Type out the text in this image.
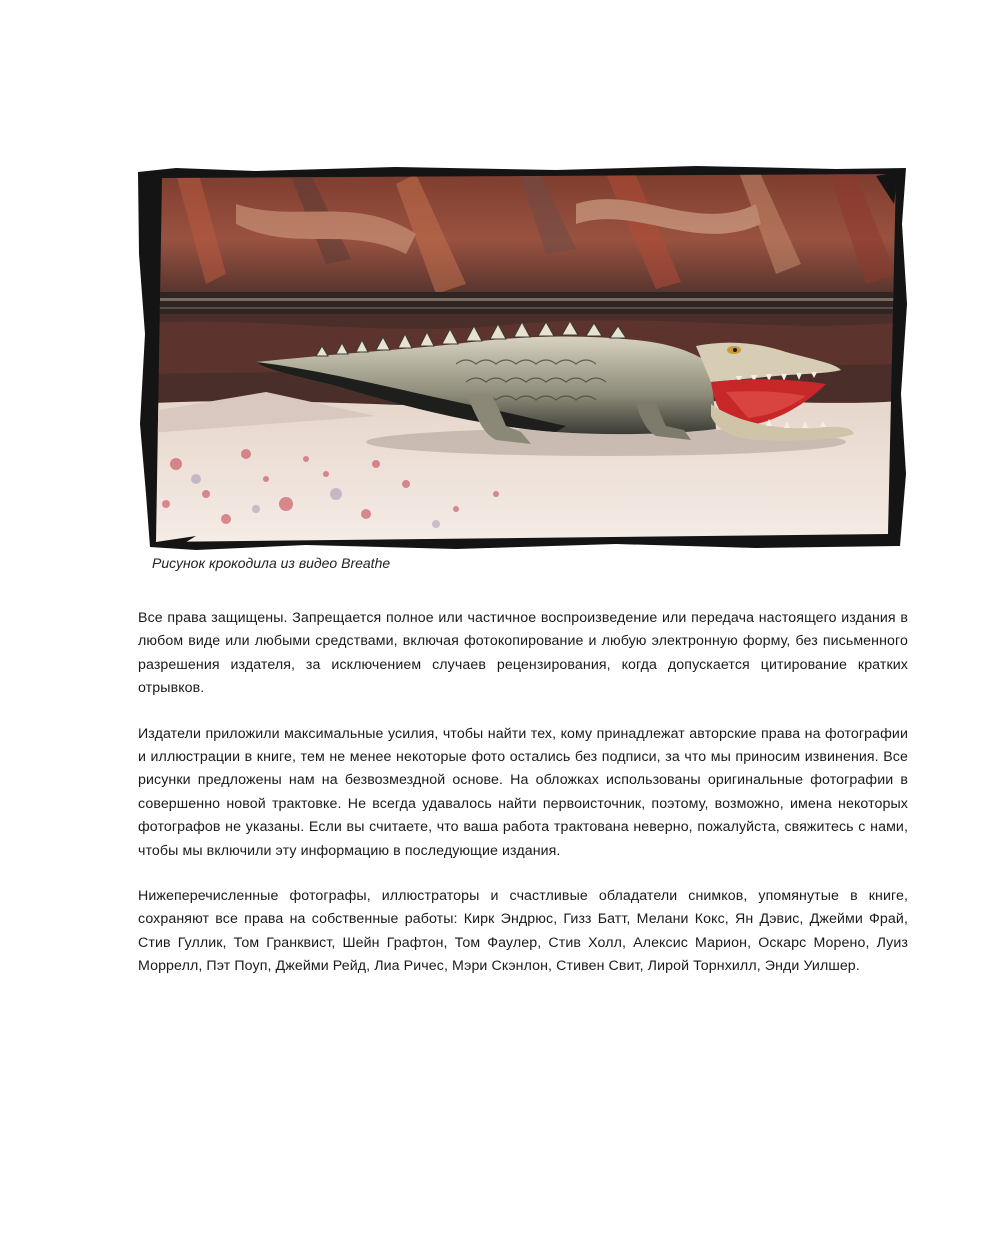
Рисунок крокодила из видео Breathe

Все права защищены. Запрещается полное или частичное воспроизведение или передача настоящего издания в любом виде или любыми средствами, включая фотокопирование и любую электронную форму, без письменного разрешения издателя, за исключением случаев рецензирования, когда допускается цитирование кратких отрывков.

Издатели приложили максимальные усилия, чтобы найти тех, кому принадлежат авторские права на фотографии и иллюстрации в книге, тем не менее некоторые фото остались без подписи, за что мы приносим извинения. Все рисунки предложены нам на безвозмездной основе. На обложках использованы оригинальные фотографии в совершенно новой трактовке. Не всегда удавалось найти первоисточник, поэтому, возможно, имена некоторых фотографов не указаны. Если вы считаете, что ваша работа трактована неверно, пожалуйста, свяжитесь с нами, чтобы мы включили эту информацию в последующие издания.

Нижеперечисленные фотографы, иллюстраторы и счастливые обладатели снимков, упомянутые в книге, сохраняют все права на собственные работы: Кирк Эндрюс, Гизз Батт, Мелани Кокс, Ян Дэвис, Джейми Фрай, Стив Гуллик, Том Гранквист, Шейн Графтон, Том Фаулер, Стив Холл, Алексис Марион, Оскарс Морено, Луиз Моррелл, Пэт Поуп, Джейми Рейд, Лиа Ричес, Мэри Скэнлон, Стивен Свит, Лирой Торнхилл, Энди Уилшер.
